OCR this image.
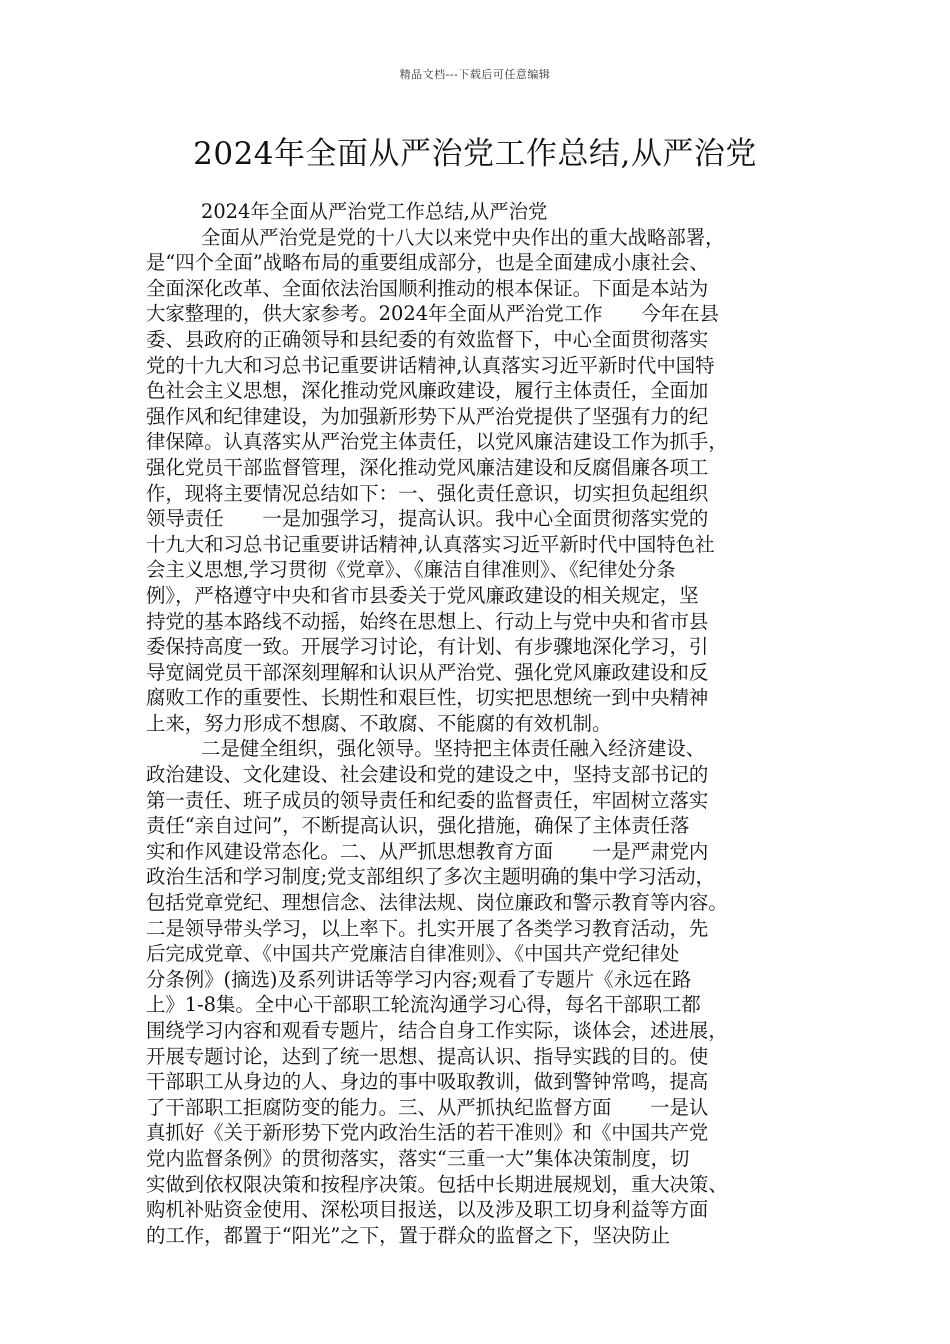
精品文档---下载后可任意编辑
2024年全面从严治党工作总结,从严治党

2024年全面从严治党工作总结,从严治党

全面从严治党是党的十八大以来党中央作出的重大战略部署，

是“四个全面”战略布局的重要组成部分，也是全面建成小康社会、

全面深化改革、全面依法治国顺利推动的根本保证。下面是本站为

大家整理的，供大家参考。2024年全面从严治党工作　　今年在县

委、县政府的正确领导和县纪委的有效监督下，中心全面贯彻落实

党的十九大和习总书记重要讲话精神,认真落实习近平新时代中国特

色社会主义思想，深化推动党风廉政建设，履行主体责任，全面加

强作风和纪律建设，为加强新形势下从严治党提供了坚强有力的纪

律保障。认真落实从严治党主体责任，以党风廉洁建设工作为抓手，

强化党员干部监督管理，深化推动党风廉洁建设和反腐倡廉各项工

作，现将主要情况总结如下：一、强化责任意识，切实担负起组织

领导责任　　一是加强学习，提高认识。我中心全面贯彻落实党的

十九大和习总书记重要讲话精神,认真落实习近平新时代中国特色社

会主义思想,学习贯彻《党章》、《廉洁自律准则》、《纪律处分条

例》，严格遵守中央和省市县委关于党风廉政建设的相关规定，坚

持党的基本路线不动摇，始终在思想上、行动上与党中央和省市县

委保持高度一致。开展学习讨论，有计划、有步骤地深化学习，引

导宽阔党员干部深刻理解和认识从严治党、强化党风廉政建设和反

腐败工作的重要性、长期性和艰巨性，切实把思想统一到中央精神

上来，努力形成不想腐、不敢腐、不能腐的有效机制。

二是健全组织，强化领导。坚持把主体责任融入经济建设、

政治建设、文化建设、社会建设和党的建设之中，坚持支部书记的

第一责任、班子成员的领导责任和纪委的监督责任，牢固树立落实

责任“亲自过问”，不断提高认识，强化措施，确保了主体责任落

实和作风建设常态化。二、从严抓思想教育方面　　一是严肃党内

政治生活和学习制度;党支部组织了多次主题明确的集中学习活动，

包括党章党纪、理想信念、法律法规、岗位廉政和警示教育等内容。

二是领导带头学习，以上率下。扎实开展了各类学习教育活动，先

后完成党章、《中国共产党廉洁自律准则》、《中国共产党纪律处

分条例》(摘选)及系列讲话等学习内容;观看了专题片《永远在路

上》1-8集。全中心干部职工轮流沟通学习心得，每名干部职工都

围绕学习内容和观看专题片，结合自身工作实际，谈体会，述进展，

开展专题讨论，达到了统一思想、提高认识、指导实践的目的。使

干部职工从身边的人、身边的事中吸取教训，做到警钟常鸣，提高

了干部职工拒腐防变的能力。三、从严抓执纪监督方面　　一是认

真抓好《关于新形势下党内政治生活的若干准则》和《中国共产党

党内监督条例》的贯彻落实，落实“三重一大”集体决策制度，切

实做到依权限决策和按程序决策。包括中长期进展规划，重大决策、

购机补贴资金使用、深松项目报送，以及涉及职工切身利益等方面

的工作，都置于“阳光”之下，置于群众的监督之下，坚决防止
